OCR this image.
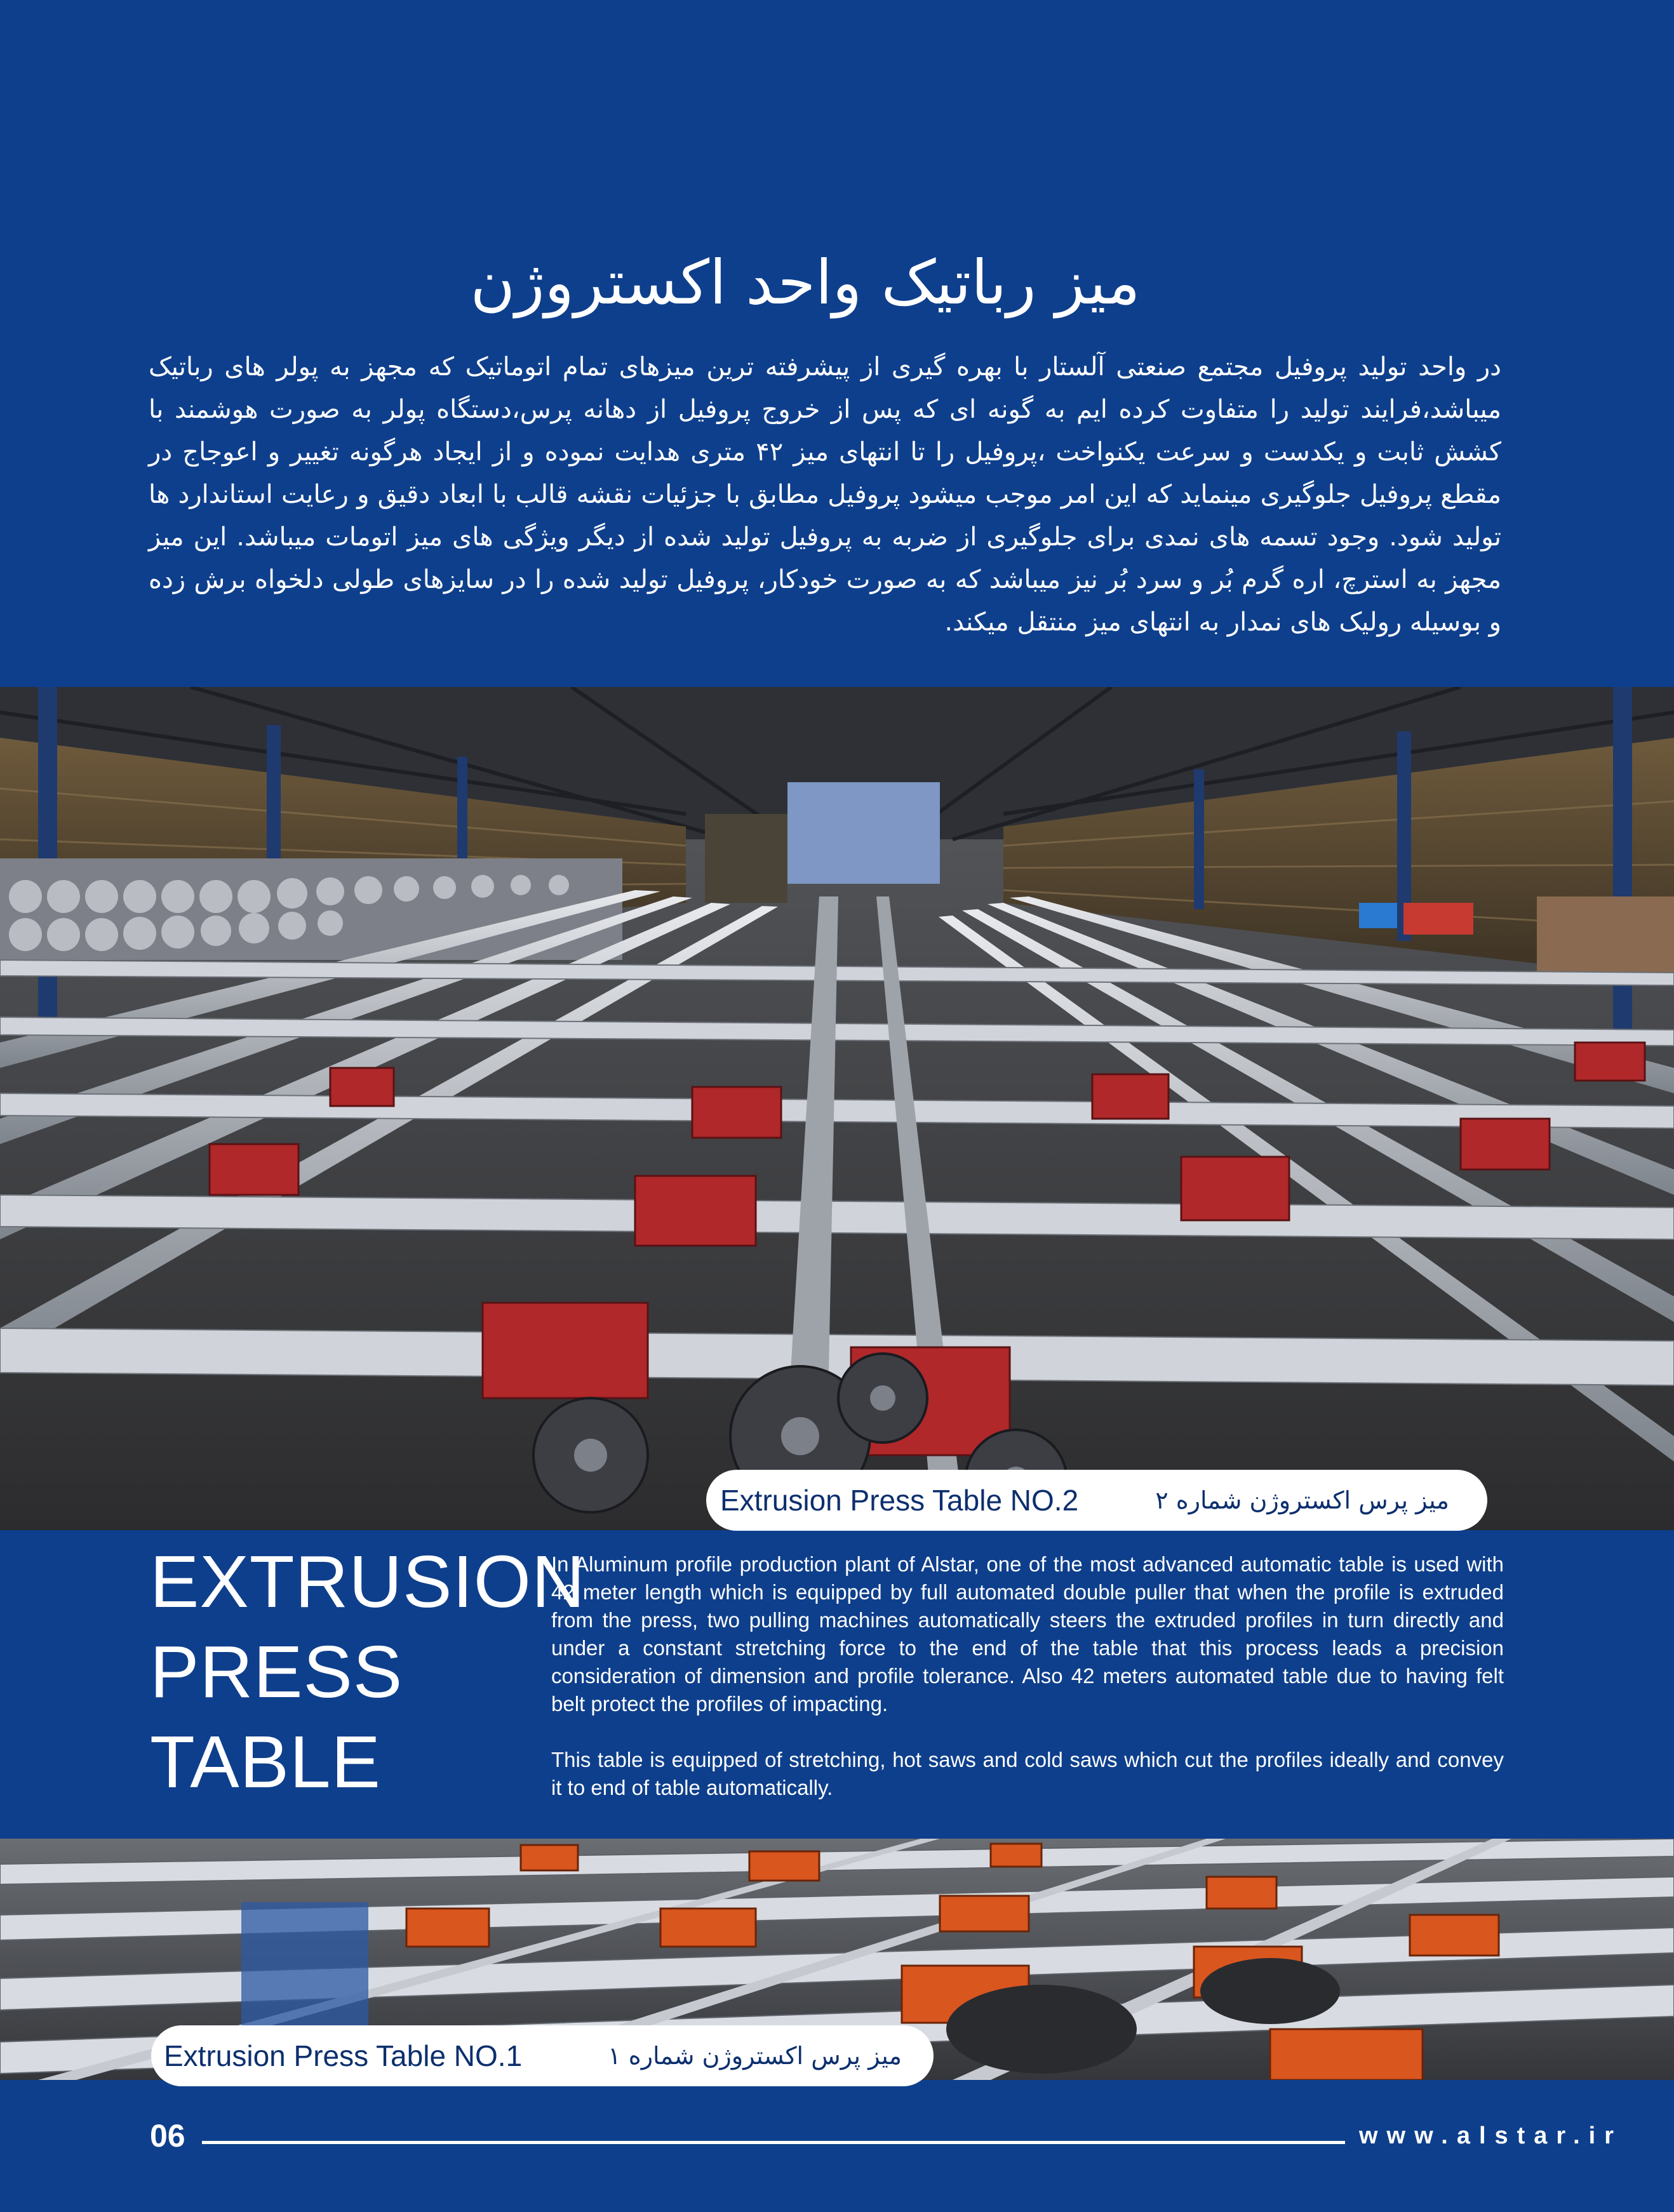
میز رباتیک واحد اکستروژن
در واحد تولید پروفیل مجتمع صنعتی آلستار با بهره گیری از پیشرفته ترین میزهای تمام اتوماتیک که مجهز به پولر های رباتیک میباشد،فرایند تولید را متفاوت کرده ایم به گونه ای که پس از خروج پروفیل از دهانه پرس،دستگاه پولر به صورت هوشمند با کشش ثابت و یکدست و سرعت یکنواخت ،پروفیل را تا انتهای میز ۴۲ متری هدایت نموده و از ایجاد هرگونه تغییر و اعوجاج در مقطع پروفیل جلوگیری مینماید که این امر موجب میشود پروفیل مطابق با جزئیات نقشه قالب با ابعاد دقیق و رعایت استاندارد ها تولید شود. وجود تسمه های نمدی برای جلوگیری از ضربه به پروفیل تولید شده از دیگر ویژگی های میز اتومات میباشد. این میز مجهز به استرچ، اره گرم بُر و سرد بُر نیز میباشد که به صورت خودکار، پروفیل تولید شده را در سایزهای طولی دلخواه برش زده و بوسیله رولیک های نمدار به انتهای میز منتقل میکند.
Extrusion Press Table NO.2	میز پرس اکستروژن شماره ۲
EXTRUSION
PRESS
TABLE

In Aluminum profile production plant of Alstar, one of the most advanced automatic table is used with 42 meter length which is equipped by full automated double puller that when the profile is extruded from the press, two pulling machines automatically steers the extruded profiles in turn directly and under a constant stretching force to the end of the table that this process leads a precision consideration of dimension and profile tolerance. Also 42 meters automated table due to having felt belt protect the profiles of impacting.

This table is equipped of stretching, hot saws and cold saws which cut the profiles ideally and convey it to end of table automatically.

Extrusion Press Table NO.1	میز پرس اکستروژن شماره ۱
06	www.alstar.ir
